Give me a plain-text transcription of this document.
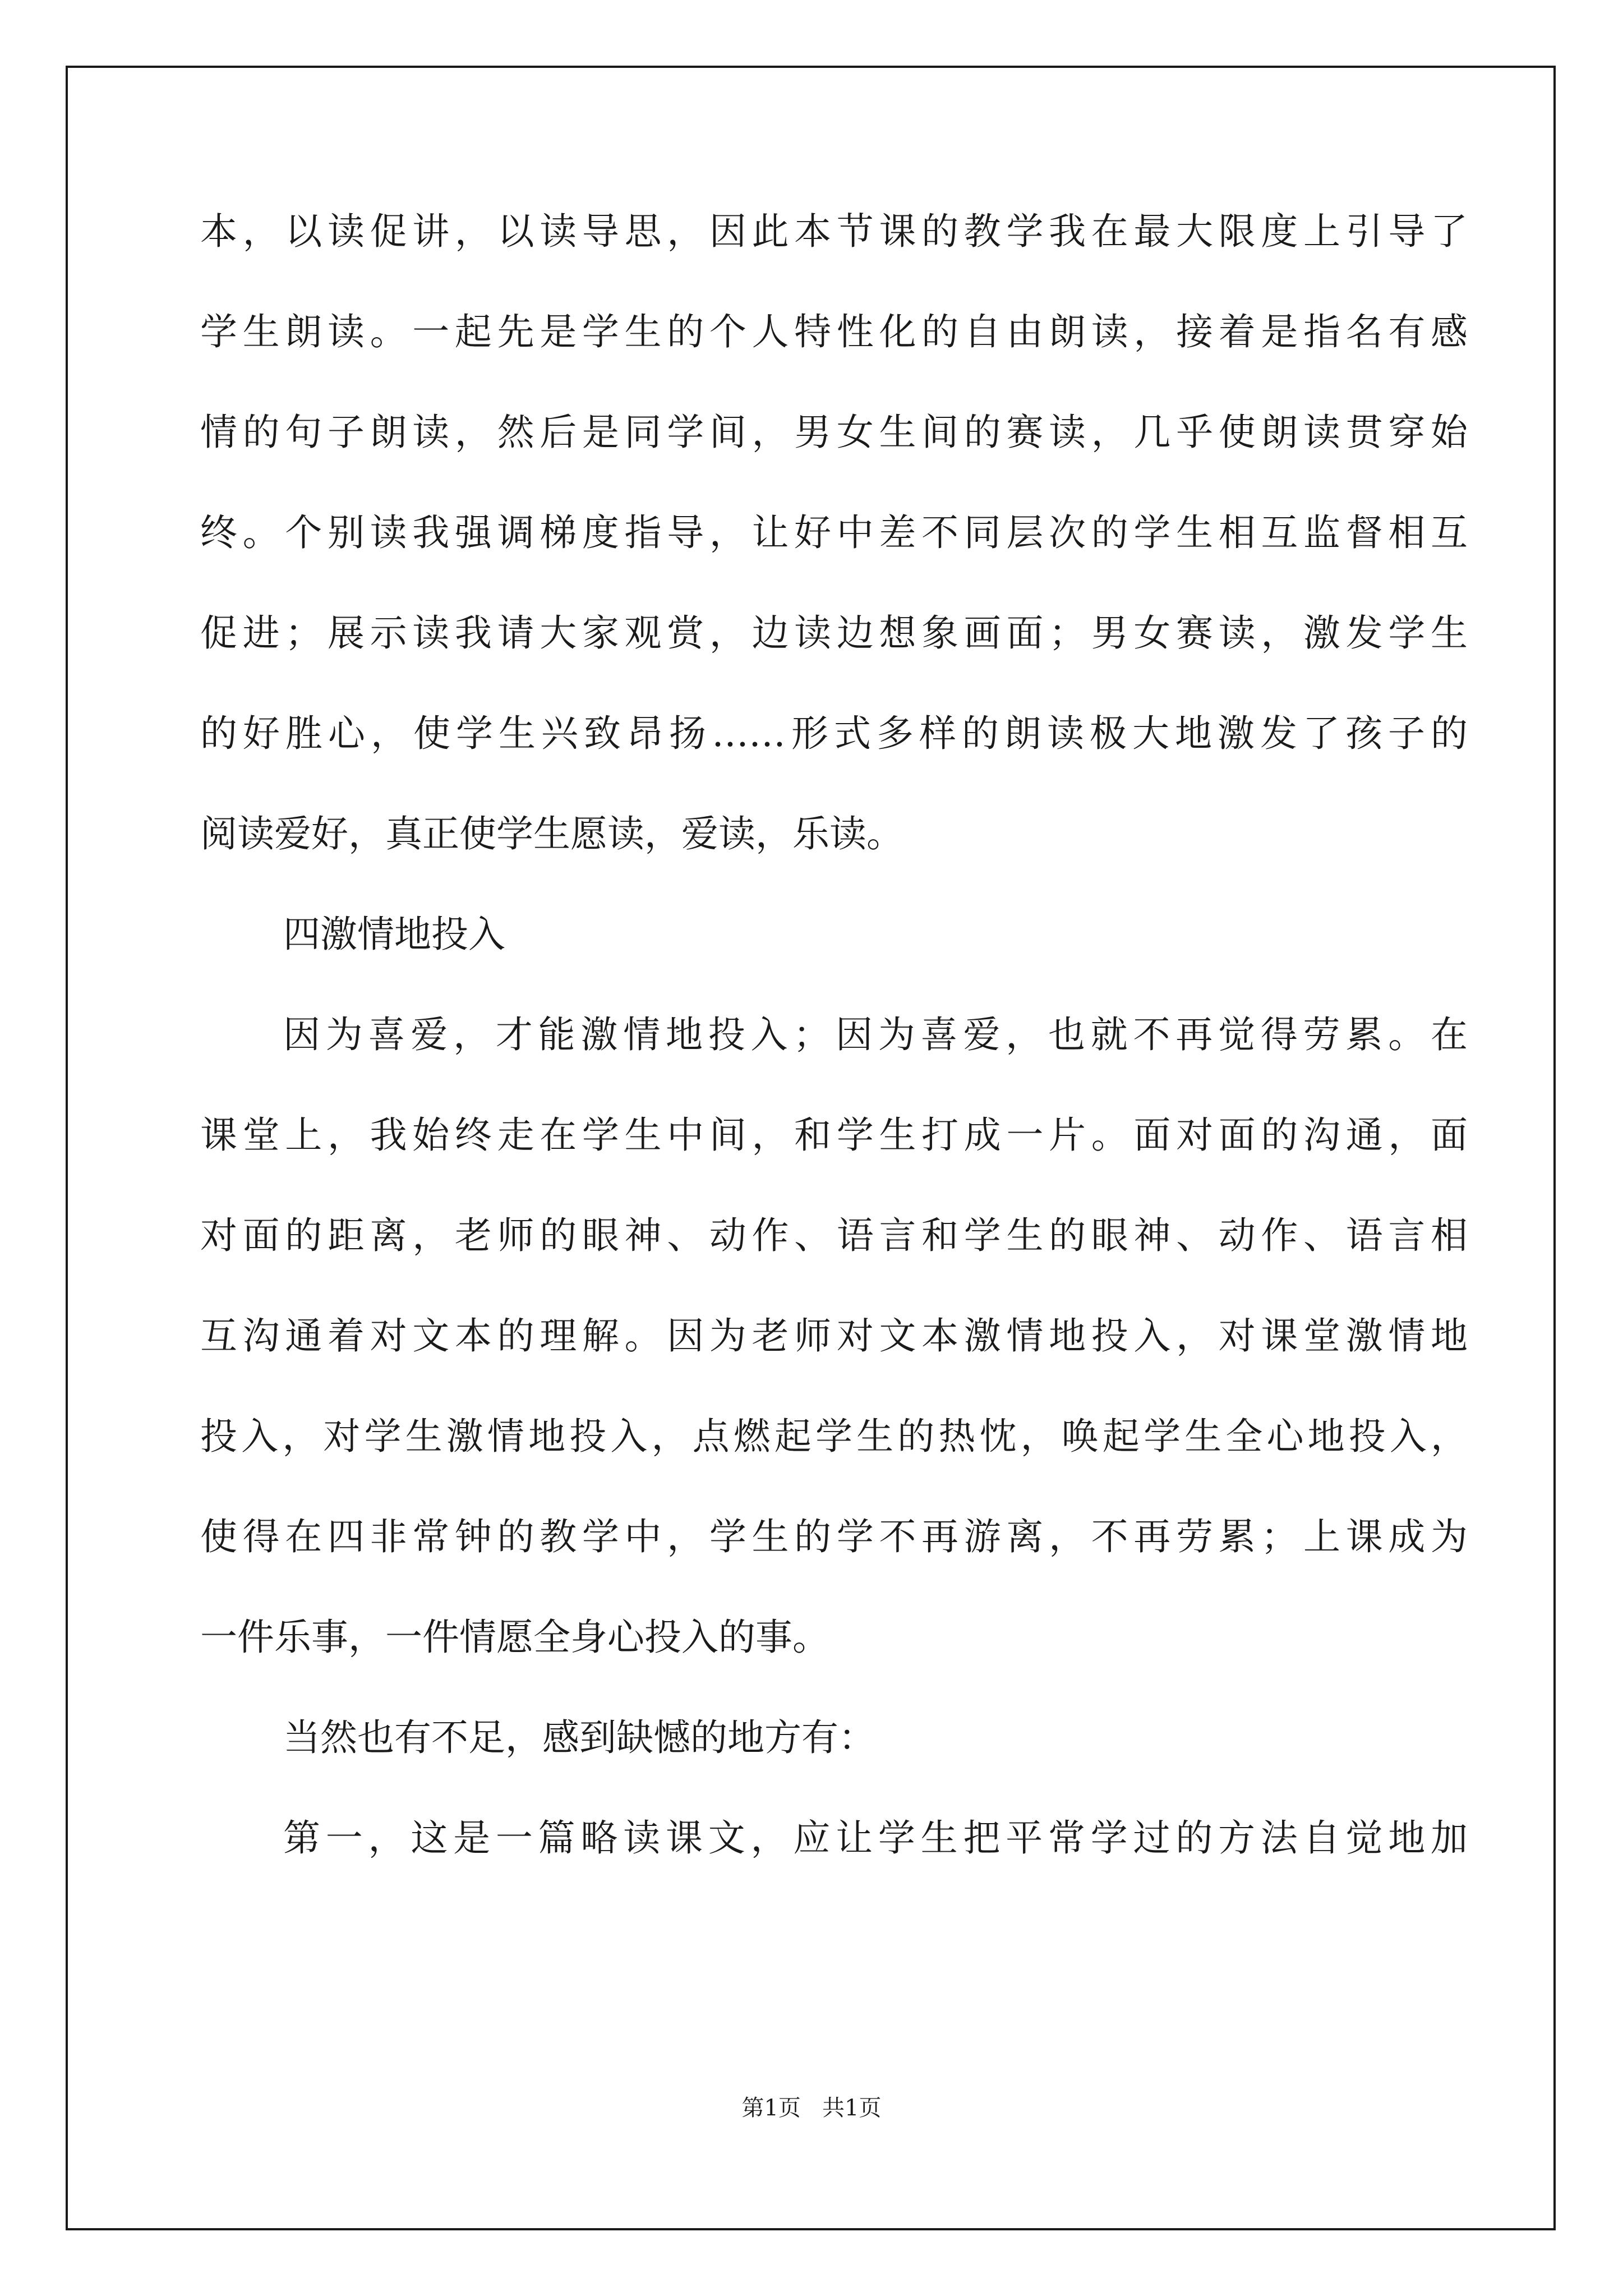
本，以读促讲，以读导思，因此本节课的教学我在最大限度上引导了
学生朗读。一起先是学生的个人特性化的自由朗读，接着是指名有感
情的句子朗读，然后是同学间，男女生间的赛读，几乎使朗读贯穿始
终。个别读我强调梯度指导，让好中差不同层次的学生相互监督相互
促进；展示读我请大家观赏，边读边想象画面；男女赛读，激发学生
的好胜心，使学生兴致昂扬……形式多样的朗读极大地激发了孩子的
阅读爱好，真正使学生愿读，爱读，乐读。
四激情地投入
因为喜爱，才能激情地投入；因为喜爱，也就不再觉得劳累。在
课堂上，我始终走在学生中间，和学生打成一片。面对面的沟通，面
对面的距离，老师的眼神、动作、语言和学生的眼神、动作、语言相
互沟通着对文本的理解。因为老师对文本激情地投入，对课堂激情地
投入，对学生激情地投入，点燃起学生的热忱，唤起学生全心地投入，
使得在四非常钟的教学中，学生的学不再游离，不再劳累；上课成为
一件乐事，一件情愿全身心投入的事。
当然也有不足，感到缺憾的地方有：
第一，这是一篇略读课文，应让学生把平常学过的方法自觉地加
第1页   共1页
